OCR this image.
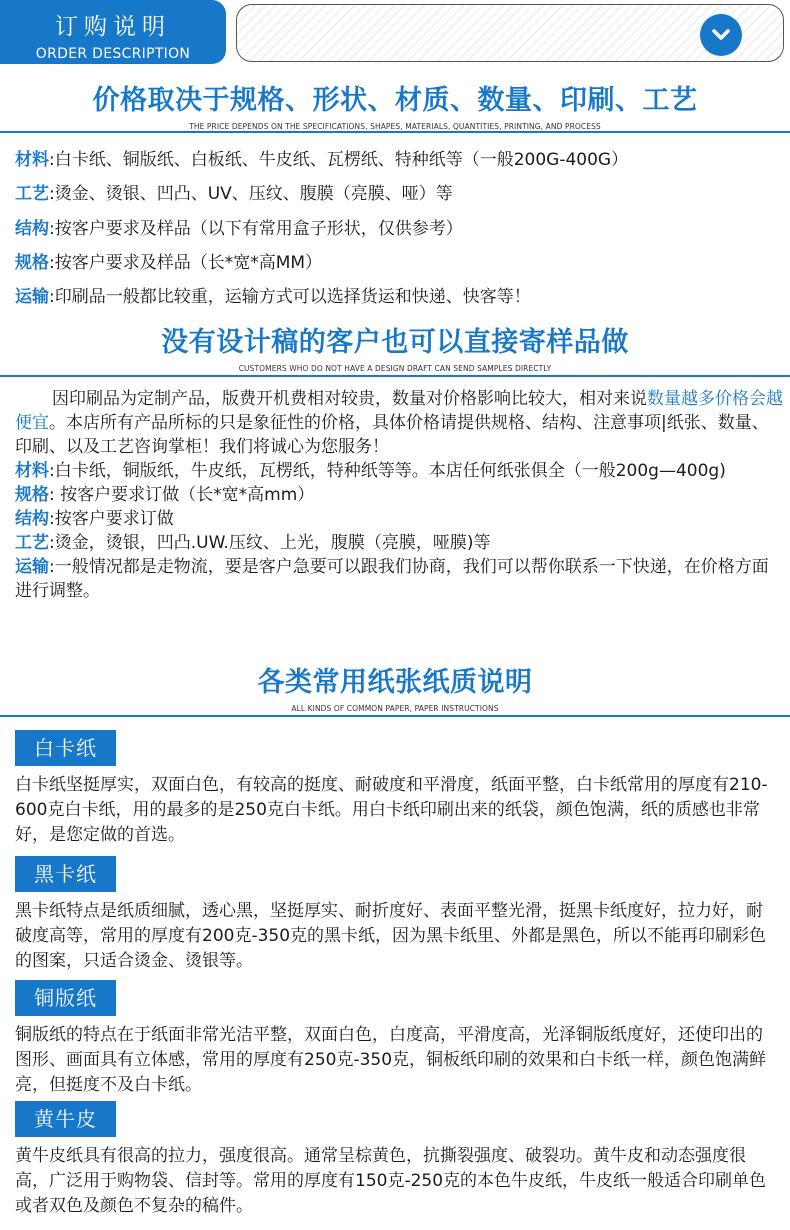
订购说明
ORDER DESCRIPTION
价格取决于规格、形状、材质、数量、印刷、工艺
THE PRICE DEPENDS ON THE SPECIFICATIONS, SHAPES, MATERIALS, QUANTITIES, PRINTING, AND PROCESS
材料:白卡纸、铜版纸、白板纸、牛皮纸、瓦楞纸、特种纸等（一般200G-400G）
工艺:烫金、烫银、凹凸、UV、压纹、腹膜（亮膜、哑）等
结构:按客户要求及样品（以下有常用盒子形状，仅供参考）
规格:按客户要求及样品（长*宽*高MM）
运输:印刷品一般都比较重，运输方式可以选择货运和快递、快客等！
没有设计稿的客户也可以直接寄样品做
CUSTOMERS WHO DO NOT HAVE A DESIGN DRAFT CAN SEND SAMPLES DIRECTLY
因印刷品为定制产品，版费开机费相对较贵，数量对价格影响比较大，相对来说数量越多价格会越便宜。本店所有产品所标的只是象征性的价格，具体价格请提供规格、结构、注意事项|纸张、数量、印刷、以及工艺咨询掌柜！我们将诚心为您服务！
材料:白卡纸，铜版纸，牛皮纸，瓦楞纸，特种纸等等。本店任何纸张俱全（一般200g—400g)
规格: 按客户要求订做（长*宽*高mm）
结构:按客户要求订做
工艺:烫金，烫银，凹凸.UW.压纹、上光，腹膜（亮膜，哑膜)等
运输:一般情况都是走物流，要是客户急要可以跟我们协商，我们可以帮你联系一下快递，在价格方面进行调整。
各类常用纸张纸质说明
ALL KINDS OF COMMON PAPER, PAPER INSTRUCTIONS
白卡纸
白卡纸坚挺厚实，双面白色，有较高的挺度、耐破度和平滑度，纸面平整，白卡纸常用的厚度有210-600克白卡纸，用的最多的是250克白卡纸。用白卡纸印刷出来的纸袋，颜色饱满，纸的质感也非常好，是您定做的首选。
黑卡纸
黑卡纸特点是纸质细腻，透心黑，坚挺厚实、耐折度好、表面平整光滑，挺黑卡纸度好，拉力好，耐破度高等，常用的厚度有200克-350克的黑卡纸，因为黑卡纸里、外都是黑色，所以不能再印刷彩色的图案，只适合烫金、烫银等。
铜版纸
铜版纸的特点在于纸面非常光洁平整，双面白色，白度高，平滑度高，光泽铜版纸度好，还使印出的图形、画面具有立体感，常用的厚度有250克-350克，铜板纸印刷的效果和白卡纸一样，颜色饱满鲜亮，但挺度不及白卡纸。
黄牛皮
黄牛皮纸具有很高的拉力，强度很高。通常呈棕黄色，抗撕裂强度、破裂功。黄牛皮和动态强度很高，广泛用于购物袋、信封等。常用的厚度有150克-250克的本色牛皮纸，牛皮纸一般适合印刷单色或者双色及颜色不复杂的稿件。
